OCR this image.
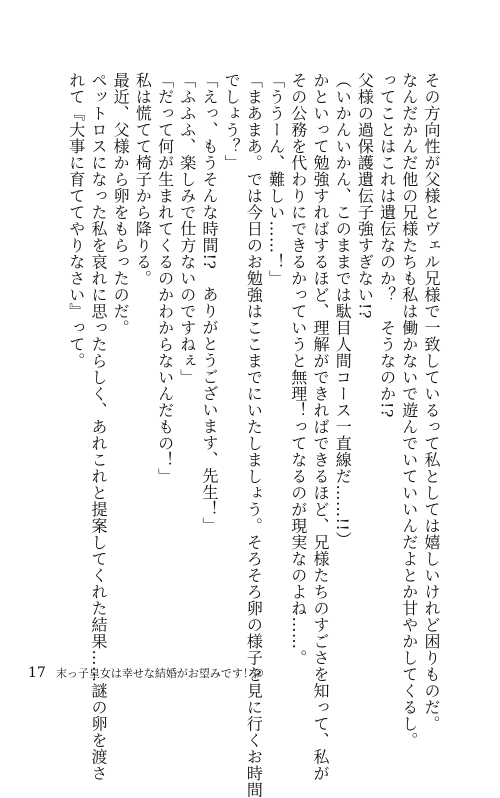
その方向性が父様とヴェル兄様で一致しているって私としては嬉しいけれど困りものだ。
なんだかんだ他の兄様たちも私は働かないで遊んでいていいんだよとか甘やかしてくるし。
ってことはこれは遺伝なのか？　そうなのか!?
父様の過保護遺伝子強すぎない!?
（いかんいかん、このままでは駄目人間コース一直線だ……!!）
かといって勉強すればするほど、理解ができればできるほど、兄様たちのすごさを知って、私が
その公務を代わりにできるかっていうと無理！ってなるのが現実なのよね……。
「ううーん、難しい……！」
「まあまあ。では今日のお勉強はここまでにいたしましょう。そろそろ卵の様子を見に行くお時間
でしょう？」
「えっ、もうそんな時間!?　ありがとうございます、先生！」
「ふふふ、楽しみで仕方ないのですねぇ」
「だって何が生まれてくるのかわからないんだもの！」
私は慌てて椅子から降りる。
最近、父様から卵をもらったのだ。
ペットロスになった私を哀れに思ったらしく、あれこれと提案してくれた結果……謎の卵を渡さ
れて『大事に育ててやりなさい』って。
17 末っ子皇女は幸せな結婚がお望みです！②
